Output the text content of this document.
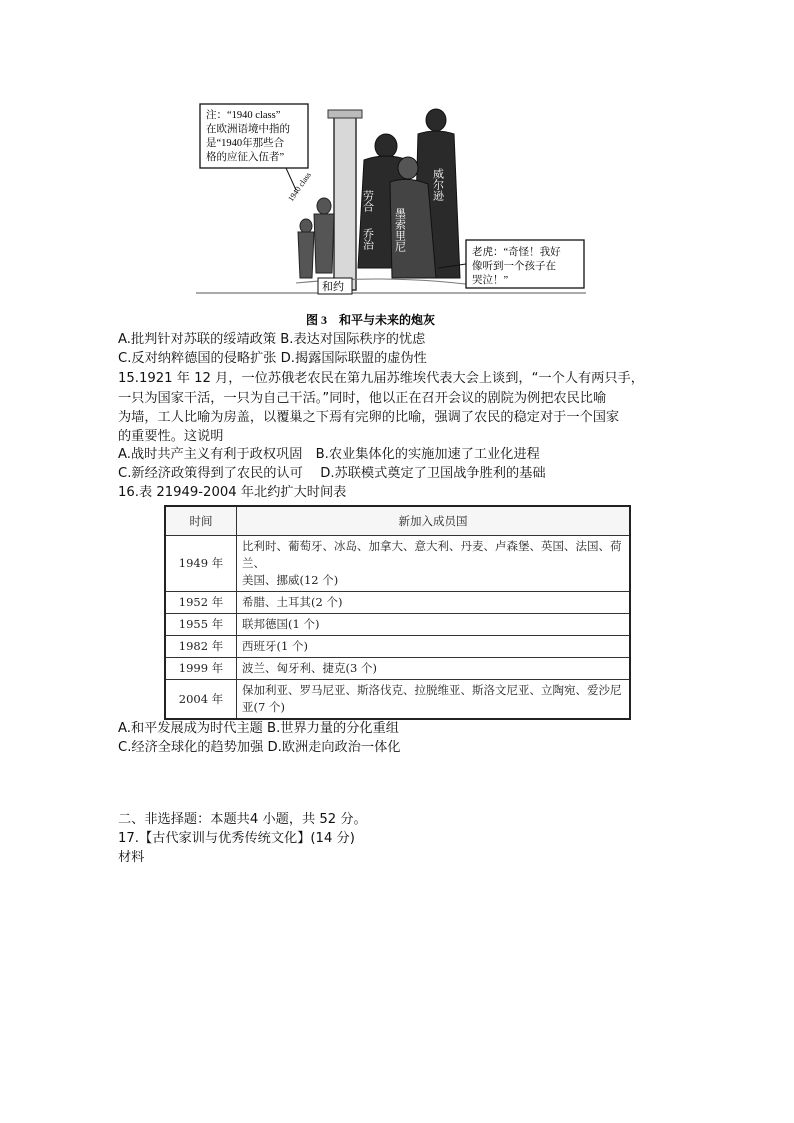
注：“1940 class”
在欧洲语境中指的
是“1940年那些合
格的应征入伍者”
1940 class	劳合
乔治 墨索里尼
威尔逊
和约
老虎：“奇怪！我好
像听到一个孩子在
哭泣！”
图 3　和平与未来的炮灰
A.批判针对苏联的绥靖政策 B.表达对国际秩序的忧虑
C.反对纳粹德国的侵略扩张 D.揭露国际联盟的虚伪性
15.1921 年 12 月，一位苏俄老农民在第九届苏维埃代表大会上谈到，“一个人有两只手，
一只为国家干活，一只为自己干活。”同时，他以正在召开会议的剧院为例把农民比喻
为墙，工人比喻为房盖，以覆巢之下焉有完卵的比喻，强调了农民的稳定对于一个国家
的重要性。这说明
A.战时共产主义有利于政权巩固　B.农业集体化的实施加速了工业化进程
C.新经济政策得到了农民的认可　 D.苏联模式奠定了卫国战争胜利的基础
16.表 21949-2004 年北约扩大时间表
时间	新加入成员国
1949 年	比利时、葡萄牙、冰岛、加拿大、意大利、丹麦、卢森堡、英国、法国、荷兰、
美国、挪威(12 个)

1952 年	希腊、土耳其(2 个)
1955 年	联邦德国(1 个)
1982 年	西班牙(1 个)
1999 年	波兰、匈牙利、捷克(3 个)
2004 年	保加利亚、罗马尼亚、斯洛伐克、拉脱维亚、斯洛文尼亚、立陶宛、爱沙尼
亚(7 个)
A.和平发展成为时代主题 B.世界力量的分化重组
C.经济全球化的趋势加强 D.欧洲走向政治一体化
二、非选择题：本题共4 小题，共 52 分。
17.【古代家训与优秀传统文化】(14 分)
材料
